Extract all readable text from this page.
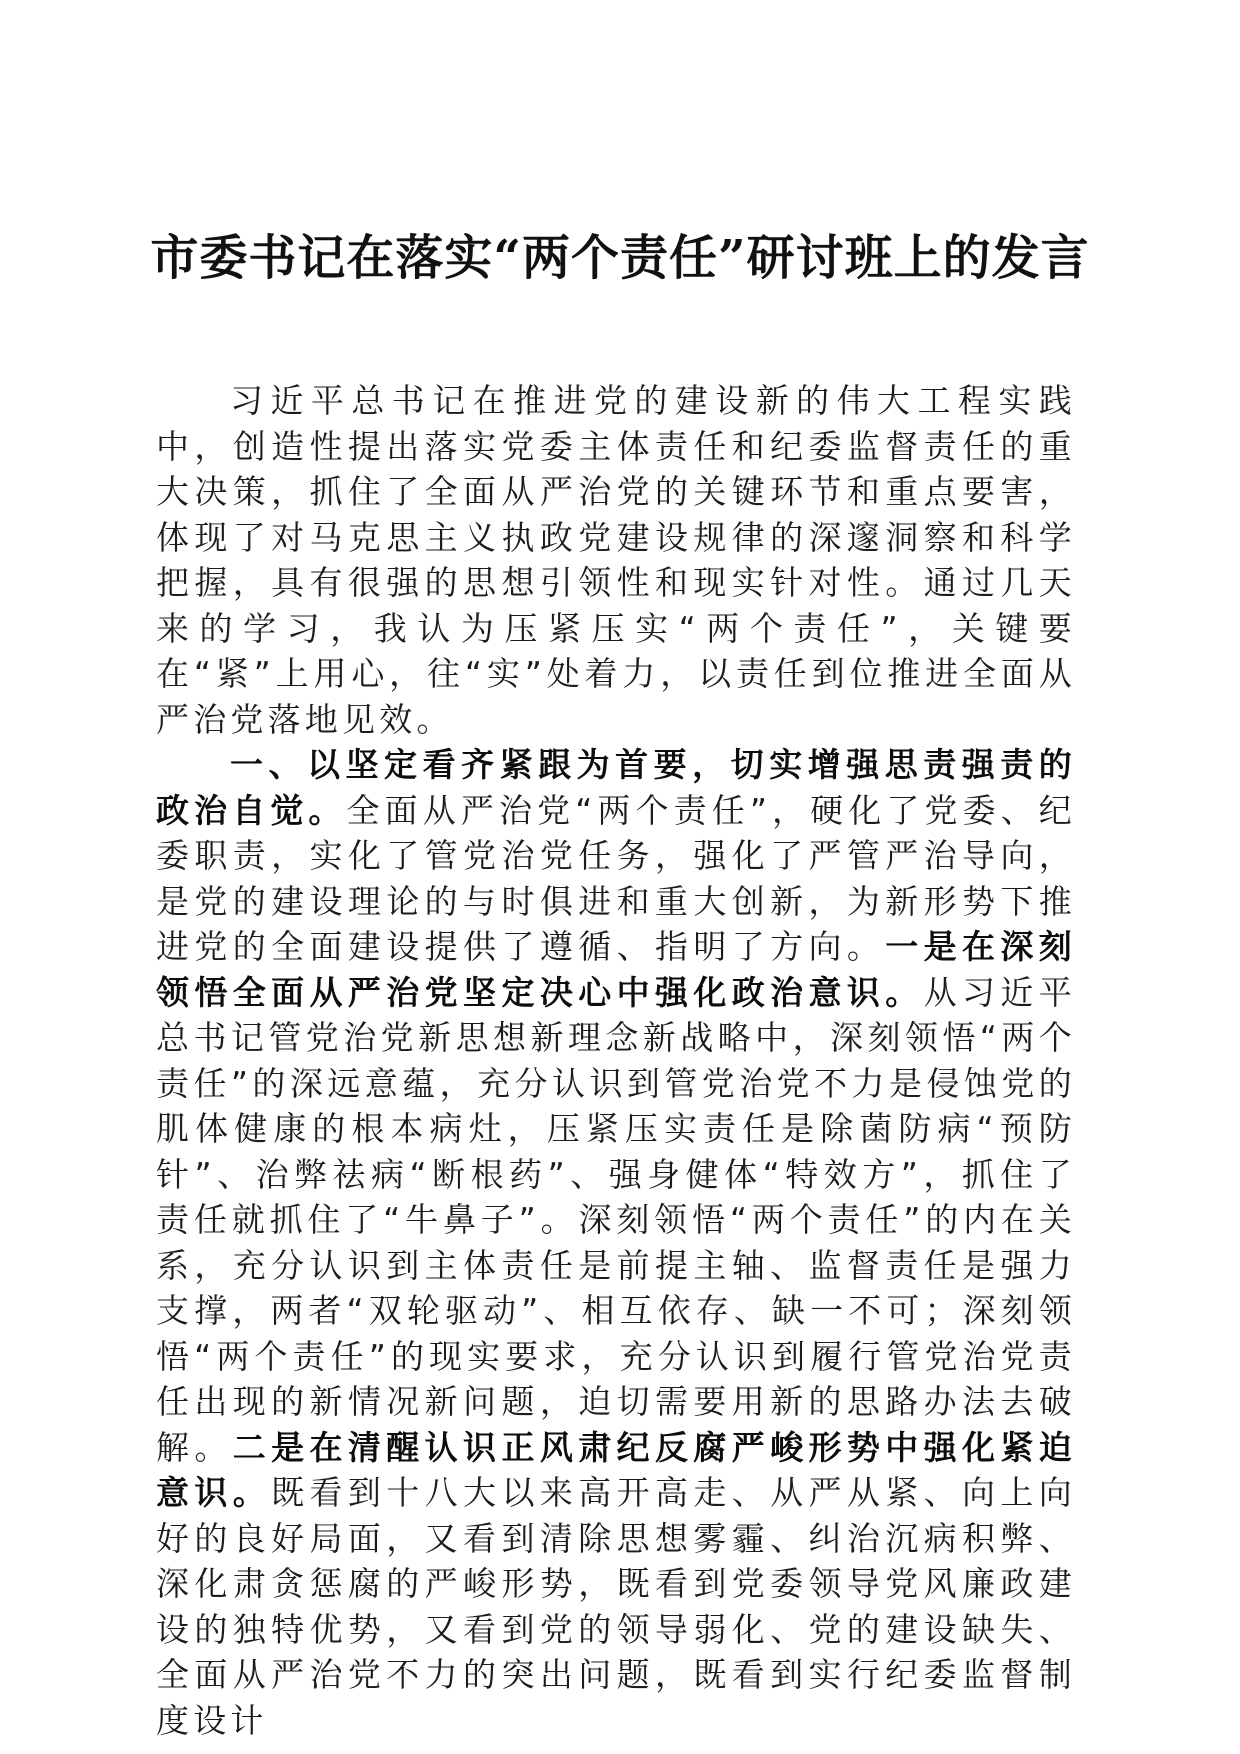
市委书记在落实“两个责任”研讨班上的发言

习近平总书记在推进党的建设新的伟大工程实践中，创造性提出落实党委主体责任和纪委监督责任的重大决策，抓住了全面从严治党的关键环节和重点要害，体现了对马克思主义执政党建设规律的深邃洞察和科学把握，具有很强的思想引领性和现实针对性。通过几天来的学习，我认为压紧压实“两个责任”，关键要在“紧”上用心，往“实”处着力，以责任到位推进全面从严治党落地见效。

一、以坚定看齐紧跟为首要，切实增强思责强责的政治自觉。全面从严治党“两个责任”，硬化了党委、纪委职责，实化了管党治党任务，强化了严管严治导向，是党的建设理论的与时俱进和重大创新，为新形势下推进党的全面建设提供了遵循、指明了方向。一是在深刻领悟全面从严治党坚定决心中强化政治意识。从习近平总书记管党治党新思想新理念新战略中，深刻领悟“两个责任”的深远意蕴，充分认识到管党治党不力是侵蚀党的肌体健康的根本病灶，压紧压实责任是除菌防病“预防针”、治弊祛病“断根药”、强身健体“特效方”，抓住了责任就抓住了“牛鼻子”。深刻领悟“两个责任”的内在关系，充分认识到主体责任是前提主轴、监督责任是强力支撑，两者“双轮驱动”、相互依存、缺一不可；深刻领悟“两个责任”的现实要求，充分认识到履行管党治党责任出现的新情况新问题，迫切需要用新的思路办法去破解。二是在清醒认识正风肃纪反腐严峻形势中强化紧迫意识。既看到十八大以来高开高走、从严从紧、向上向好的良好局面，又看到清除思想雾霾、纠治沉病积弊、深化肃贪惩腐的严峻形势，既看到党委领导党风廉政建设的独特优势，又看到党的领导弱化、党的建设缺失、全面从严治党不力的突出问题，既看到实行纪委监督制度设计
